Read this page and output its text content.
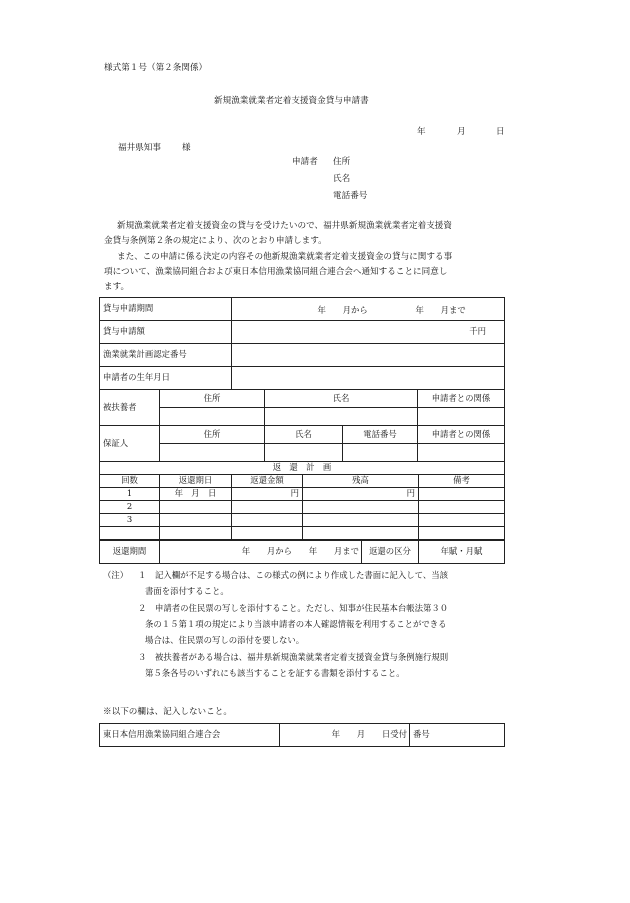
様式第１号（第２条関係）
新規漁業就業者定着支援資金貸与申請書
年	月	日
福井県知事 様
申請者 住所
氏名
電話番号
新規漁業就業者定着支援資金の貸与を受けたいので、福井県新規漁業就業者定着支援資
金貸与条例第２条の規定により、次のとおり申請します。
また、この申請に係る決定の内容その他新規漁業就業者定着支援資金の貸与に関する事
項について、漁業協同組合および東日本信用漁業協同組合連合会へ通知することに同意し
ます。
貸与申請期間	年　　月から 年　　月まで

貸与申請額	千円
漁業就業計画認定番号	
申請者の生年月日	
被扶養者	住所	氏名	申請者との関係

保証人	住所	氏名	電話番号	申請者との関係

返　還　計　画				
回数	返還期日	返還金額	残高	備考
1	年　月　日	円	円	
2				
3				

返還期間	年　　月から　　年　　月まで	返還の区分	年賦・月賦
（注） １ 記入欄が不足する場合は、この様式の例により作成した書面に記入して、当該
書面を添付すること。
２ 申請者の住民票の写しを添付すること。ただし、知事が住民基本台帳法第３０
条の１５第１項の規定により当該申請者の本人確認情報を利用することができる
場合は、住民票の写しの添付を要しない。
３ 被扶養者がある場合は、福井県新規漁業就業者定着支援資金貸与条例施行規則
第５条各号のいずれにも該当することを証する書類を添付すること。
※以下の欄は、記入しないこと。
東日本信用漁業協同組合連合会	年　　月　　日受付	番号
